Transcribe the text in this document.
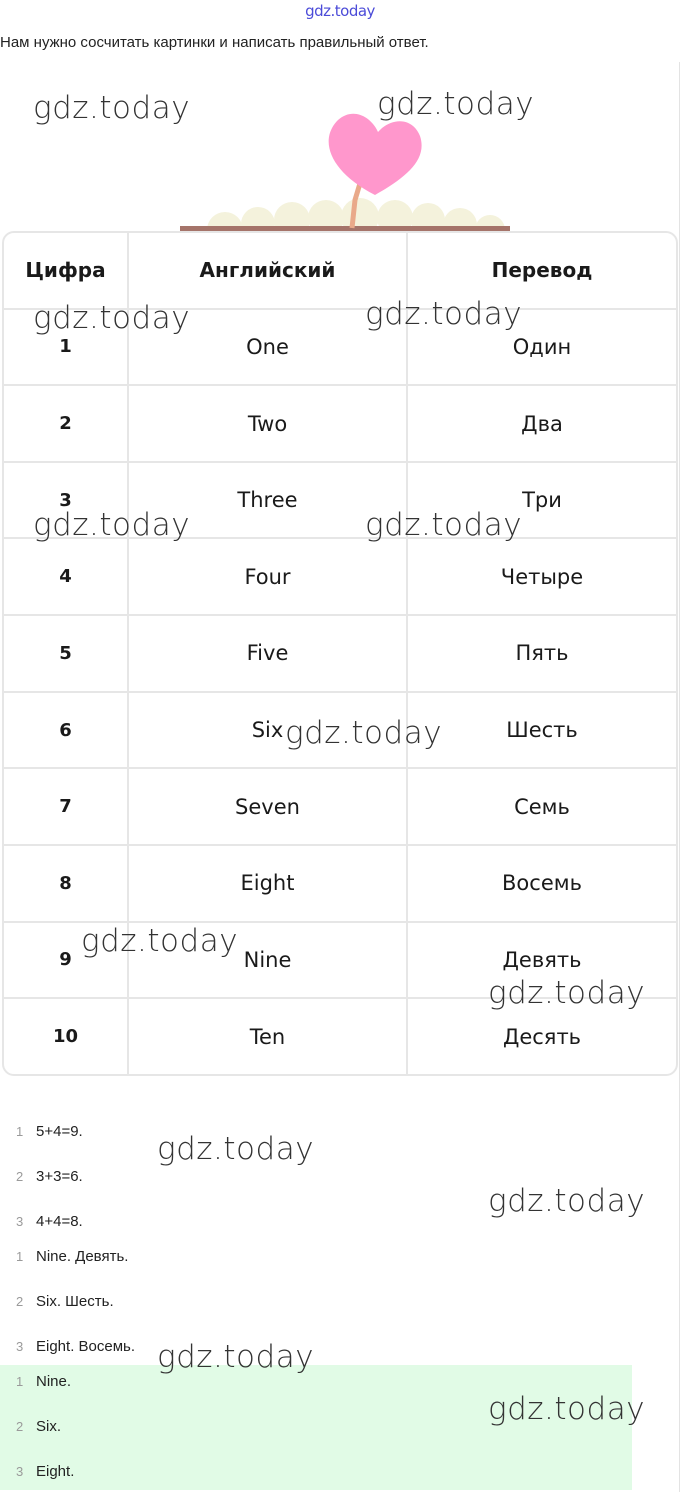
gdz.today
Нам нужно сосчитать картинки и написать правильный ответ.
Цифра	Английский	Перевод
1	One	Один
2	Two	Два
3	Three	Три
4	Four	Четыре
5	Five	Пять
6	Six	Шесть
7	Seven	Семь
8	Eight	Восемь
9	Nine	Девять
10	Ten	Десять
1 5+4=9.
2 3+3=6.
3 4+4=8.
1 Nine. Девять.
2 Six. Шесть.
3 Eight. Восемь.
1 Nine.
2 Six.
3 Eight.
gdz.today	gdz.today
gdz.today	gdz.today
gdz.today	gdz.today
gdz.today
gdz.today
gdz.today
gdz.today
gdz.today
gdz.today
gdz.today
